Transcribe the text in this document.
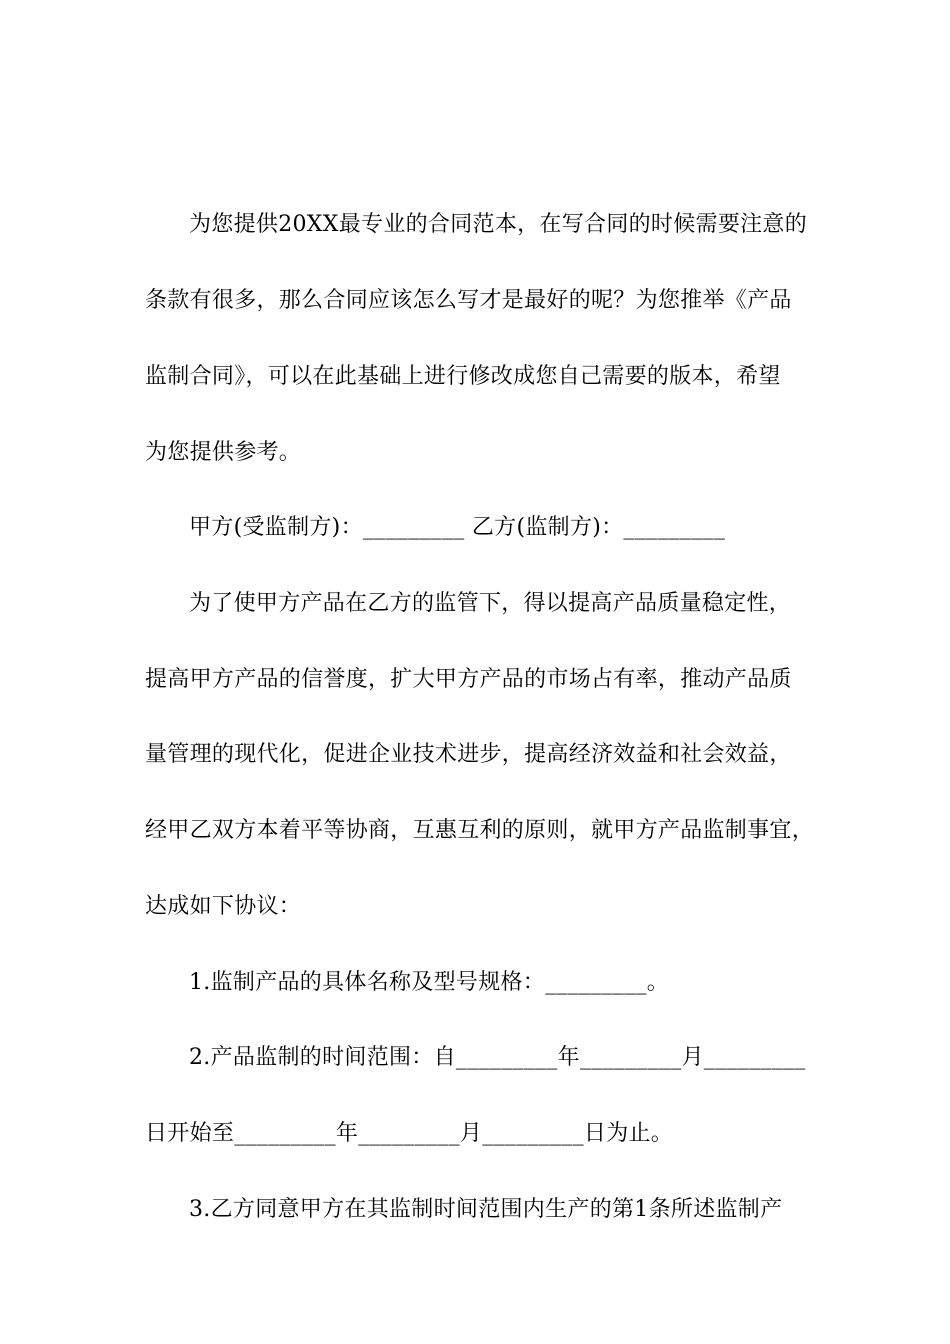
为您提供20XX最专业的合同范本，在写合同的时候需要注意的
条款有很多，那么合同应该怎么写才是最好的呢？为您推举《产品
监制合同》，可以在此基础上进行修改成您自己需要的版本，希望
为您提供参考。
甲方(受监制方)：_________ 乙方(监制方)：_________
为了使甲方产品在乙方的监管下，得以提高产品质量稳定性，
提高甲方产品的信誉度，扩大甲方产品的市场占有率，推动产品质
量管理的现代化，促进企业技术进步，提高经济效益和社会效益，
经甲乙双方本着平等协商，互惠互利的原则，就甲方产品监制事宜，
达成如下协议：
1.监制产品的具体名称及型号规格：_________。
2.产品监制的时间范围：自_________年_________月_________
日开始至_________年_________月_________日为止。
3.乙方同意甲方在其监制时间范围内生产的第1条所述监制产
